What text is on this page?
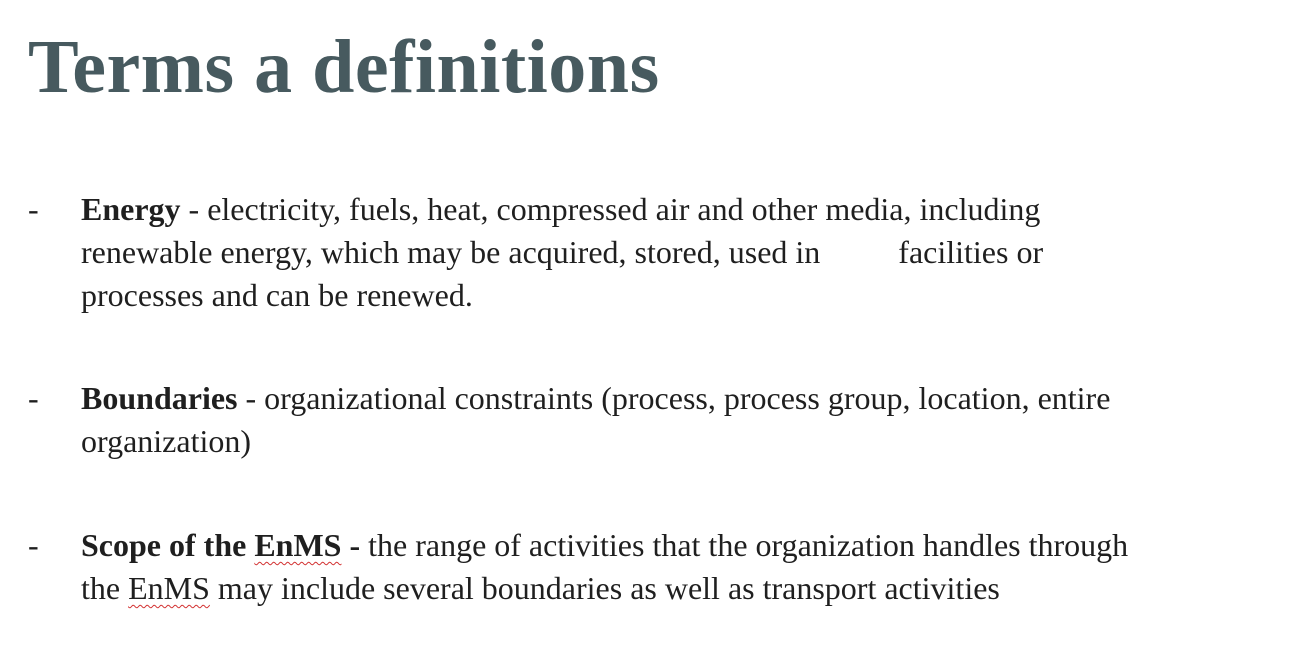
Terms a definitions
- Energy - electricity, fuels, heat, compressed air and other media, including
renewable energy, which may be acquired, stored, used in facilities or
processes and can be renewed.
- Boundaries - organizational constraints (process, process group, location, entire
organization)
- Scope of the EnMS - the range of activities that the organization handles through
the EnMS may include several boundaries as well as transport activities
